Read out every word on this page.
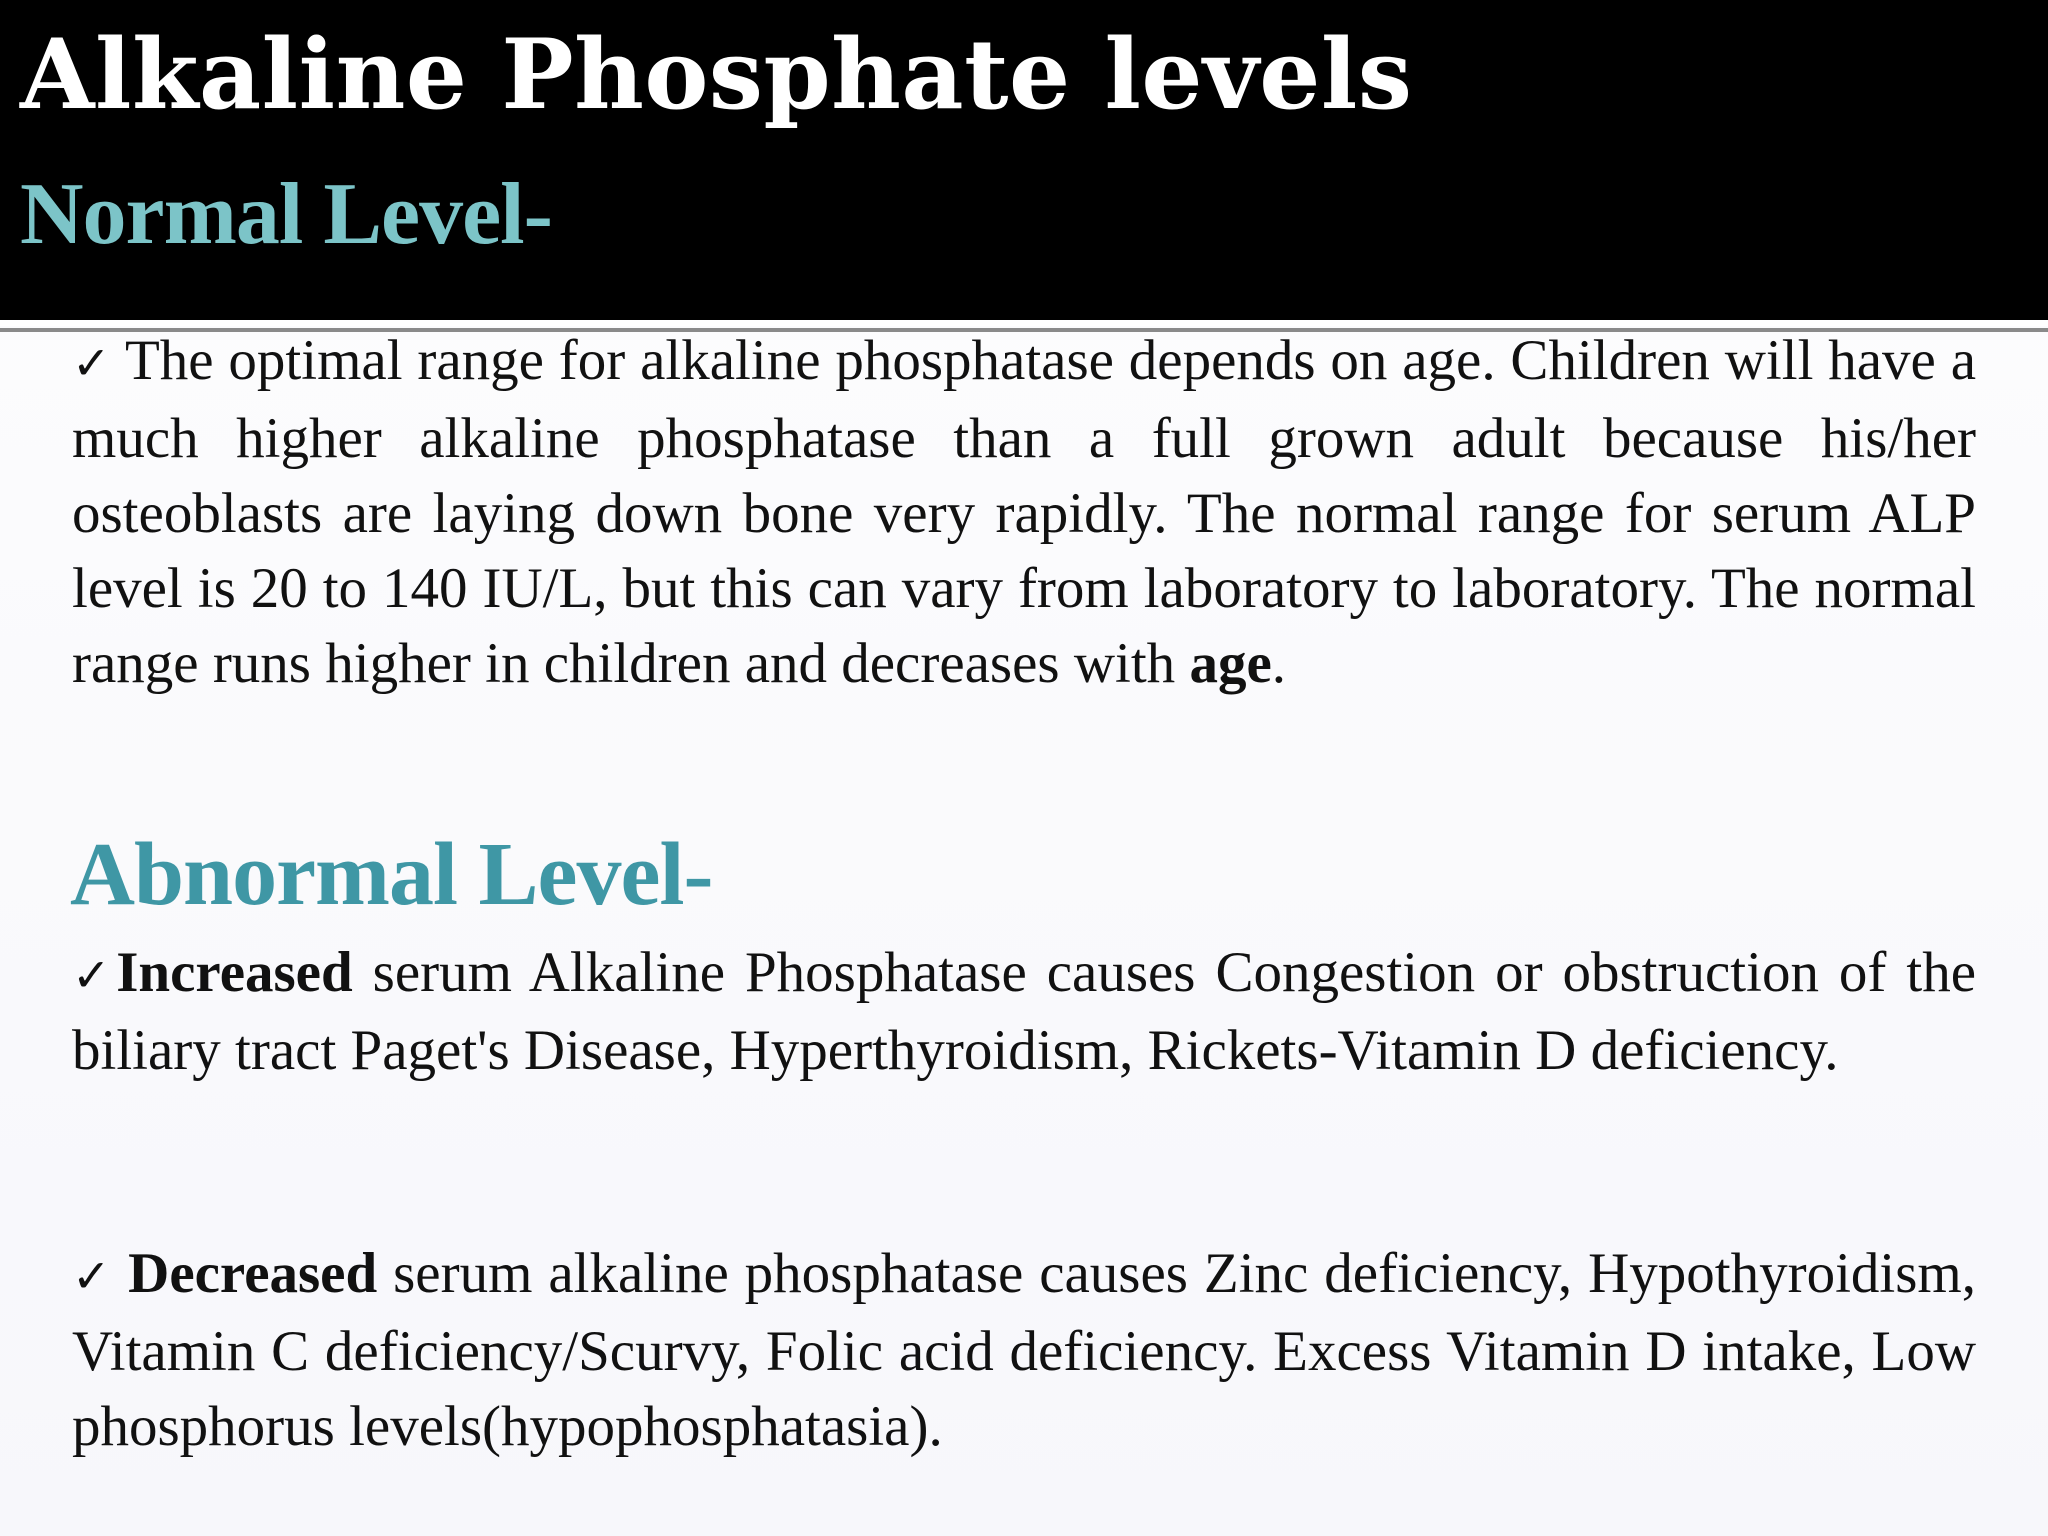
Alkaline Phosphate levels
Normal Level-

✓ The optimal range for alkaline phosphatase depends on age. Children will have a much higher alkaline phosphatase than a full grown adult because his/her osteoblasts are laying down bone very rapidly. The normal range for serum ALP level is 20 to 140 IU/L, but this can vary from laboratory to laboratory. The normal range runs higher in children and decreases with age.

Abnormal Level-

✓Increased serum Alkaline Phosphatase causes Congestion or obstruction of the biliary tract Paget's Disease, Hyperthyroidism, Rickets-Vitamin D deficiency.

✓ Decreased serum alkaline phosphatase causes Zinc deficiency, Hypothyroidism, Vitamin C deficiency/Scurvy, Folic acid deficiency. Excess Vitamin D intake, Low phosphorus levels(hypophosphatasia).
